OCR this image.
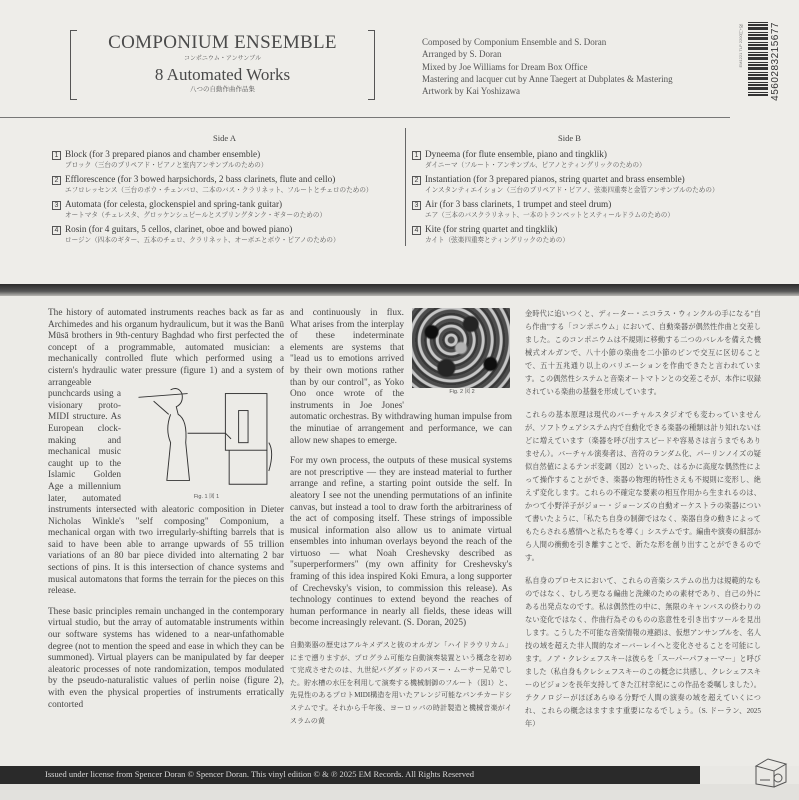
COMPONIUM ENSEMBLE
コンポニウム・アンサンブル
8 Automated Works
八つの自動作曲作品集
Composed by Componium Ensemble and S. Doran
Arranged by S. Doran
Mixed by Joe Williams for Dream Box Office
Mastering and lacquer cut by Anne Taegert at Dubplates & Mastering
Artwork by Kai Yoshizawa
EM1221 TLP 2200円+税	4560283215677
Side A
1 Block (for 3 prepared pianos and chamber ensemble)
ブロック（三台のプリペアド・ピアノと室内アンサンブルのための）
2 Efflorescence (for 3 bowed harpsichords, 2 bass clarinets, flute and cello)
エフロレッセンス（三台のボウ・チェンバロ、二本のバス・クラリネット、フルートとチェロのための）
3 Automata (for celesta, glockenspiel and spring-tank guitar)
オートマタ（チェレスタ、グロッケンシュピールとスプリングタンク・ギターのための）
4 Rosin (for 4 guitars, 5 cellos, clarinet, oboe and bowed piano)
ロージン（四本のギター、五本のチェロ、クラリネット、オーボエとボウ・ピアノのための）
Side B
1 Dyneema (for flute ensemble, piano and tingklik)
ダイニーマ（フルート・アンサンブル、ピアノとティングリックのための）
2 Instantiation (for 3 prepared pianos, string quartet and brass ensemble)
インスタンティエイション（三台のプリペアド・ピアノ、弦楽四重奏と金管アンサンブルのための）
3 Air (for 3 bass clarinets, 1 trumpet and steel drum)
エア（三本のバスクラリネット、一本のトランペットとスティールドラムのための）
4 Kite (for string quartet and tingklik)
カイト（弦楽四重奏とティングリックのための）
Fig. 1 図 1

The history of automated instruments reaches back as far as Archimedes and his organum hydraulicum, but it was the Banū Mūsā brothers in 9th-century Baghdad who first perfected the concept of a programmable, automated musician: a mechanically controlled flute which performed using a cistern's hydraulic water pressure (figure 1) and a system of arrangeable punchcards using a visionary proto-MIDI structure. As European clock-making and mechanical music caught up to the Islamic Golden Age a millennium later, automated instruments intersected with aleatoric composition in Dieter Nicholas Winkle's "self composing" Componium, a mechanical organ with two irregularly-shifting barrels that is said to have been able to arrange upwards of 55 trillion variations of an 80 bar piece divided into alternating 2 bar sections of pins. It is this intersection of chance systems and musical automatons that forms the terrain for the pieces on this release.

These basic principles remain unchanged in the contemporary virtual studio, but the array of automatable instruments within our software systems has widened to a near-unfathomable degree (not to mention the speed and ease in which they can be summoned). Virtual players can be manipulated by far deeper aleatoric processes of note randomization, tempos modulated by the pseudo-naturalistic values of perlin noise (figure 2), with even the physical properties of instruments erratically contorted

Fig. 2 図 2

and continuously in flux. What arises from the interplay of these indeterminate elements are systems that "lead us to emotions arrived by their own motions rather than by our control", as Yoko Ono once wrote of the instruments in Joe Jones' automatic orchestras. By withdrawing human impulse from the minutiae of arrangement and performance, we can allow new shapes to emerge.

For my own process, the outputs of these musical systems are not prescriptive — they are instead material to further arrange and refine, a starting point outside the self. In aleatory I see not the unending permutations of an infinite canvas, but instead a tool to draw forth the arbitrariness of the act of composing itself. These strings of impossible musical information also allow us to animate virtual ensembles into inhuman overlays beyond the reach of the virtuoso — what Noah Creshevsky described as "superperformers" (my own affinity for Creshevsky's framing of this idea inspired Koki Emura, a long supporter of Crechevsky's vision, to commission this release). As technology continues to extend beyond the reaches of human performance in nearly all fields, these ideas will become increasingly relevant. (S. Doran, 2025)

自動楽器の歴史はアルキメデスと彼のオルガン「ハイドラウリカム」にまで遡りますが、プログラム可能な自動演奏装置という概念を初めて完成させたのは、九世紀バグダッドのバヌー・ムーサー兄弟でした。貯水槽の水圧を利用して演奏する機械制御のフルート（図1）と、先見性のあるプロトMIDI構造を用いたアレンジ可能なパンチカードシステムです。それから千年後、ヨーロッパの時計製造と機械音楽がイスラムの黄

金時代に追いつくと、ディーター・ニコラス・ウィンクルの手になる"自ら作曲"する「コンポニウム」において、自動楽器が偶然性作曲と交差しました。このコンポニウムは不規則に移動する二つのバレルを備えた機械式オルガンで、八十小節の楽曲を二小節のピンで交互に区切ることで、五十五兆通り以上のバリエーションを作曲できたと言われています。この偶然性システムと音楽オートマトンとの交差こそが、本作に収録されている楽曲の基盤を形成しています。

これらの基本原理は現代のバーチャルスタジオでも変わっていませんが、ソフトウェアシステム内で自動化できる楽器の種類は計り知れないほどに増えています（楽器を呼び出すスピードや容易さは言うまでもありません）。バーチャル演奏者は、音符のランダム化、パーリンノイズの疑似自然値によるテンポ変調（図2）といった、はるかに高度な偶然性によって操作することができ、楽器の物理的特性さえも不規則に変形し、絶えず変化します。これらの不確定な要素の相互作用から生まれるのは、かつて小野洋子がジョー・ジョーンズの自動オーケストラの楽器について書いたように、「私たち自身の制御ではなく、楽器自身の動きによってもたらされる感情へと私たちを導く」システムです。編曲や演奏の細部から人間の衝動を引き離すことで、新たな形を創り出すことができるのです。

私自身のプロセスにおいて、これらの音楽システムの出力は規範的なものではなく、むしろ更なる編曲と洗練のための素材であり、自己の外にある出発点なのです。私は偶然性の中に、無限のキャンバスの終わりのない変化ではなく、作曲行為そのものの恣意性を引き出すツールを見出します。こうした不可能な音楽情報の連鎖は、仮想アンサンブルを、名人技の域を超えた非人間的なオーバーレイへと変化させることを可能にします。ノア・クレシェフスキーは彼らを「スーパーパフォーマー」と呼びました（私自身もクレシェフスキーのこの概念に共感し、クレシェフスキーのビジョンを長年支持してきた江村幸紀にこの作品を委嘱しました）。テクノロジーがほぼあらゆる分野で人間の演奏の域を超えていくにつれ、これらの概念はますます重要になるでしょう。（S. ドーラン、2025年）

Issued under license from Spencer Doran © Spencer Doran. This vinyl edition © & ℗ 2025 EM Records. All Rights Reserved
